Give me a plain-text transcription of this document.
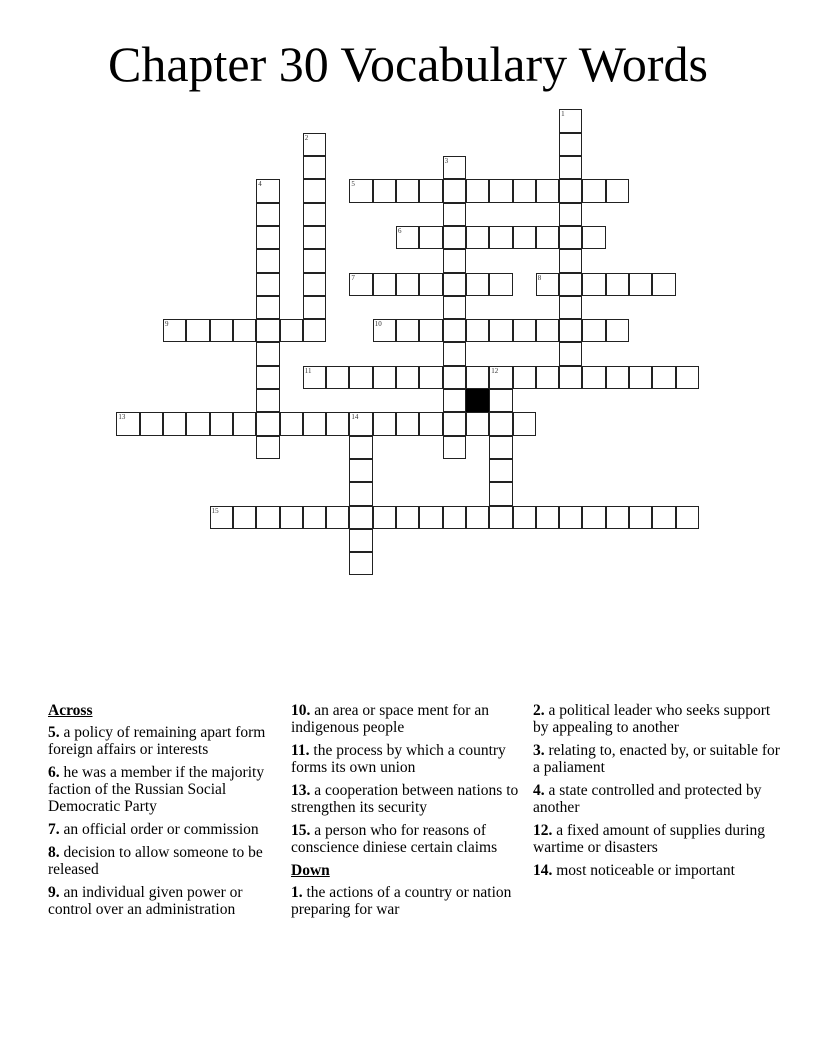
Chapter 30 Vocabulary Words
1
2
3
4	5
6
7	8
9	10
11	12
13	14
15
Across
5. a policy of remaining apart form foreign affairs or interests
6. he was a member if the majority faction of the Russian Social Democratic Party
7. an official order or commission
8. decision to allow someone to be released
9. an individual given power or control over an administration
10. an area or space ment for an indigenous people
11. the process by which a country forms its own union
13. a cooperation between nations to strengthen its security
15. a person who for reasons of conscience diniese certain claims
Down
1. the actions of a country or nation preparing for war
2. a political leader who seeks support by appealing to another
3. relating to, enacted by, or suitable for a paliament
4. a state controlled and protected by another
12. a fixed amount of supplies during wartime or disasters
14. most noticeable or important
